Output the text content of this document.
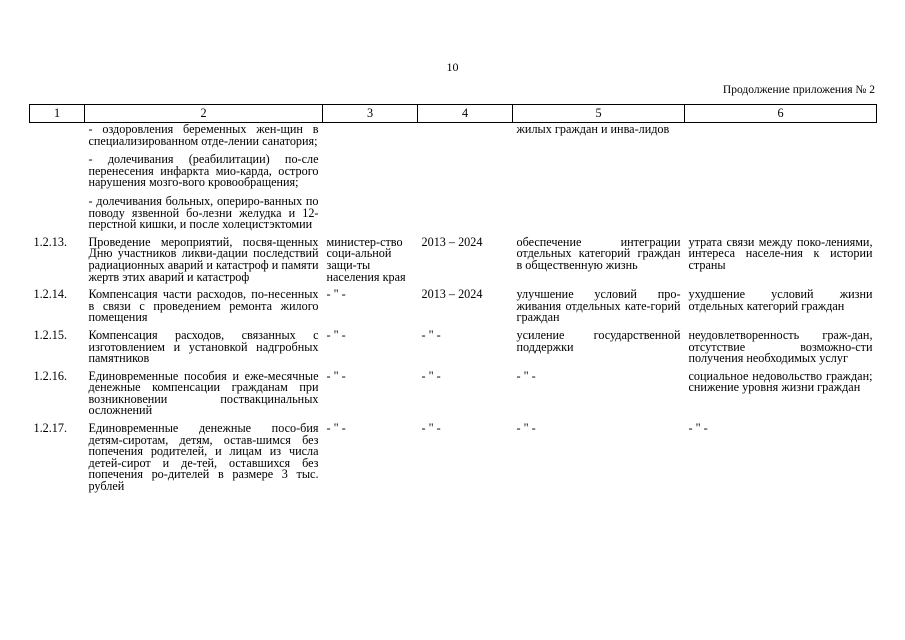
10
Продолжение приложения № 2
1	2	3	4	5	6

	- оздоровления беременных жен-щин в специализированном отде-лении санатория;
- долечивания (реабилитации) по-сле перенесения инфаркта мио-карда, острого нарушения мозго-вого кровообращения;
- долечивания больных, опериро-ванных по поводу язвенной бо-лезни желудка и 12-перстной кишки, и после холецистэктомии			жилых граждан и инва-лидов	
1.2.13.	Проведение мероприятий, посвя-щенных Дню участников ликви-дации последствий радиационных аварий и катастроф и памяти жертв этих аварий и катастроф	министер-ство соци-альной защи-ты населения края	2013 – 2024	обеспечение интеграции отдельных категорий граждан в общественную жизнь	утрата связи между поко-лениями, интереса населе-ния к истории страны
1.2.14.	Компенсация части расходов, по-несенных в связи с проведением ремонта жилого помещения	- " -	2013 – 2024	улучшение условий про-живания отдельных кате-горий граждан	ухудшение условий жизни отдельных категорий граждан
1.2.15.	Компенсация расходов, связанных с изготовлением и установкой надгробных памятников	- " -	- " -	усиление государственной поддержки	неудовлетворенность граж-дан, отсутствие возможно-сти получения необходимых услуг
1.2.16.	Единовременные пособия и еже-месячные денежные компенсации гражданам при возникновении поствакцинальных осложнений	- " -	- " -	- " -	социальное недовольство граждан; снижение уровня жизни граждан
1.2.17.	Единовременные денежные посо-бия детям-сиротам, детям, остав-шимся без попечения родителей, и лицам из числа детей-сирот и де-тей, оставшихся без попечения ро-дителей в размере 3 тыс. рублей	- " -	- " -	- " -	- " -
